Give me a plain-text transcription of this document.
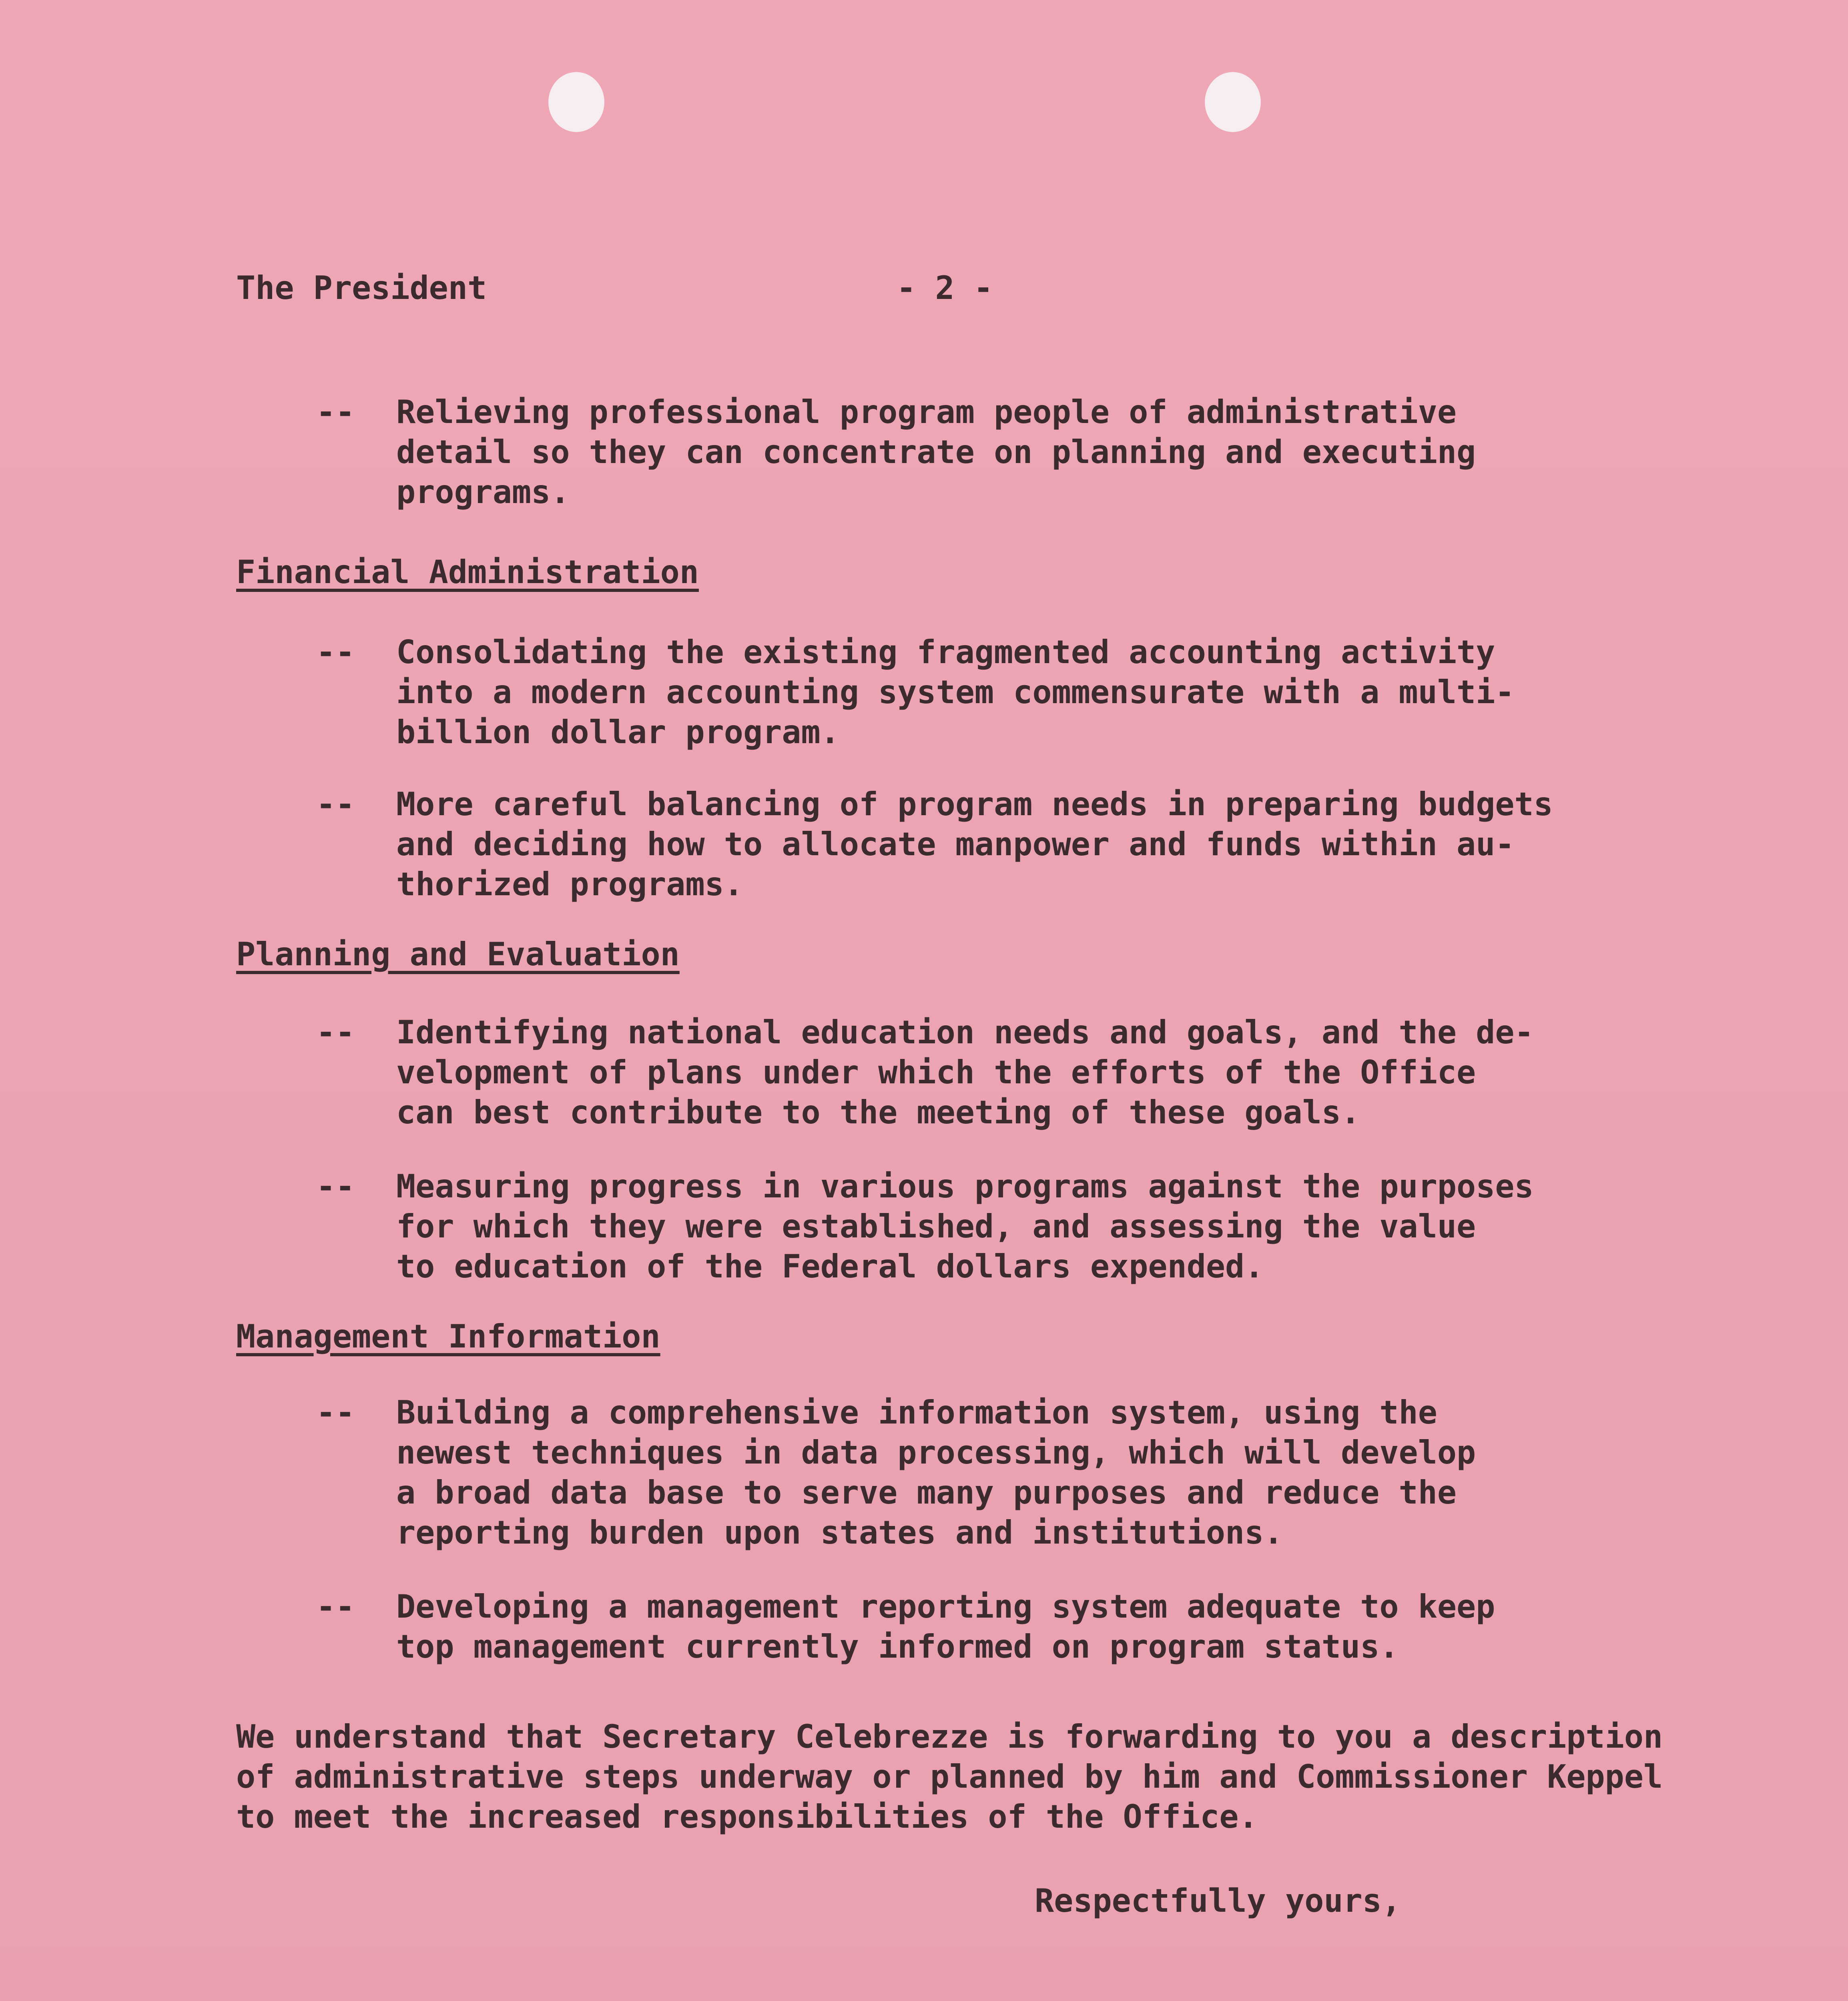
The President	- 2 -
-- Relieving professional program people of administrative
detail so they can concentrate on planning and executing
programs.
Financial Administration
-- Consolidating the existing fragmented accounting activity
into a modern accounting system commensurate with a multi-
billion dollar program.
-- More careful balancing of program needs in preparing budgets
and deciding how to allocate manpower and funds within au-
thorized programs.
Planning and Evaluation
-- Identifying national education needs and goals, and the de-
velopment of plans under which the efforts of the Office
can best contribute to the meeting of these goals.
-- Measuring progress in various programs against the purposes
for which they were established, and assessing the value
to education of the Federal dollars expended.
Management Information
-- Building a comprehensive information system, using the
newest techniques in data processing, which will develop
a broad data base to serve many purposes and reduce the
reporting burden upon states and institutions.
-- Developing a management reporting system adequate to keep
top management currently informed on program status.
We understand that Secretary Celebrezze is forwarding to you a description
of administrative steps underway or planned by him and Commissioner Keppel
to meet the increased responsibilities of the Office.
Respectfully yours,
